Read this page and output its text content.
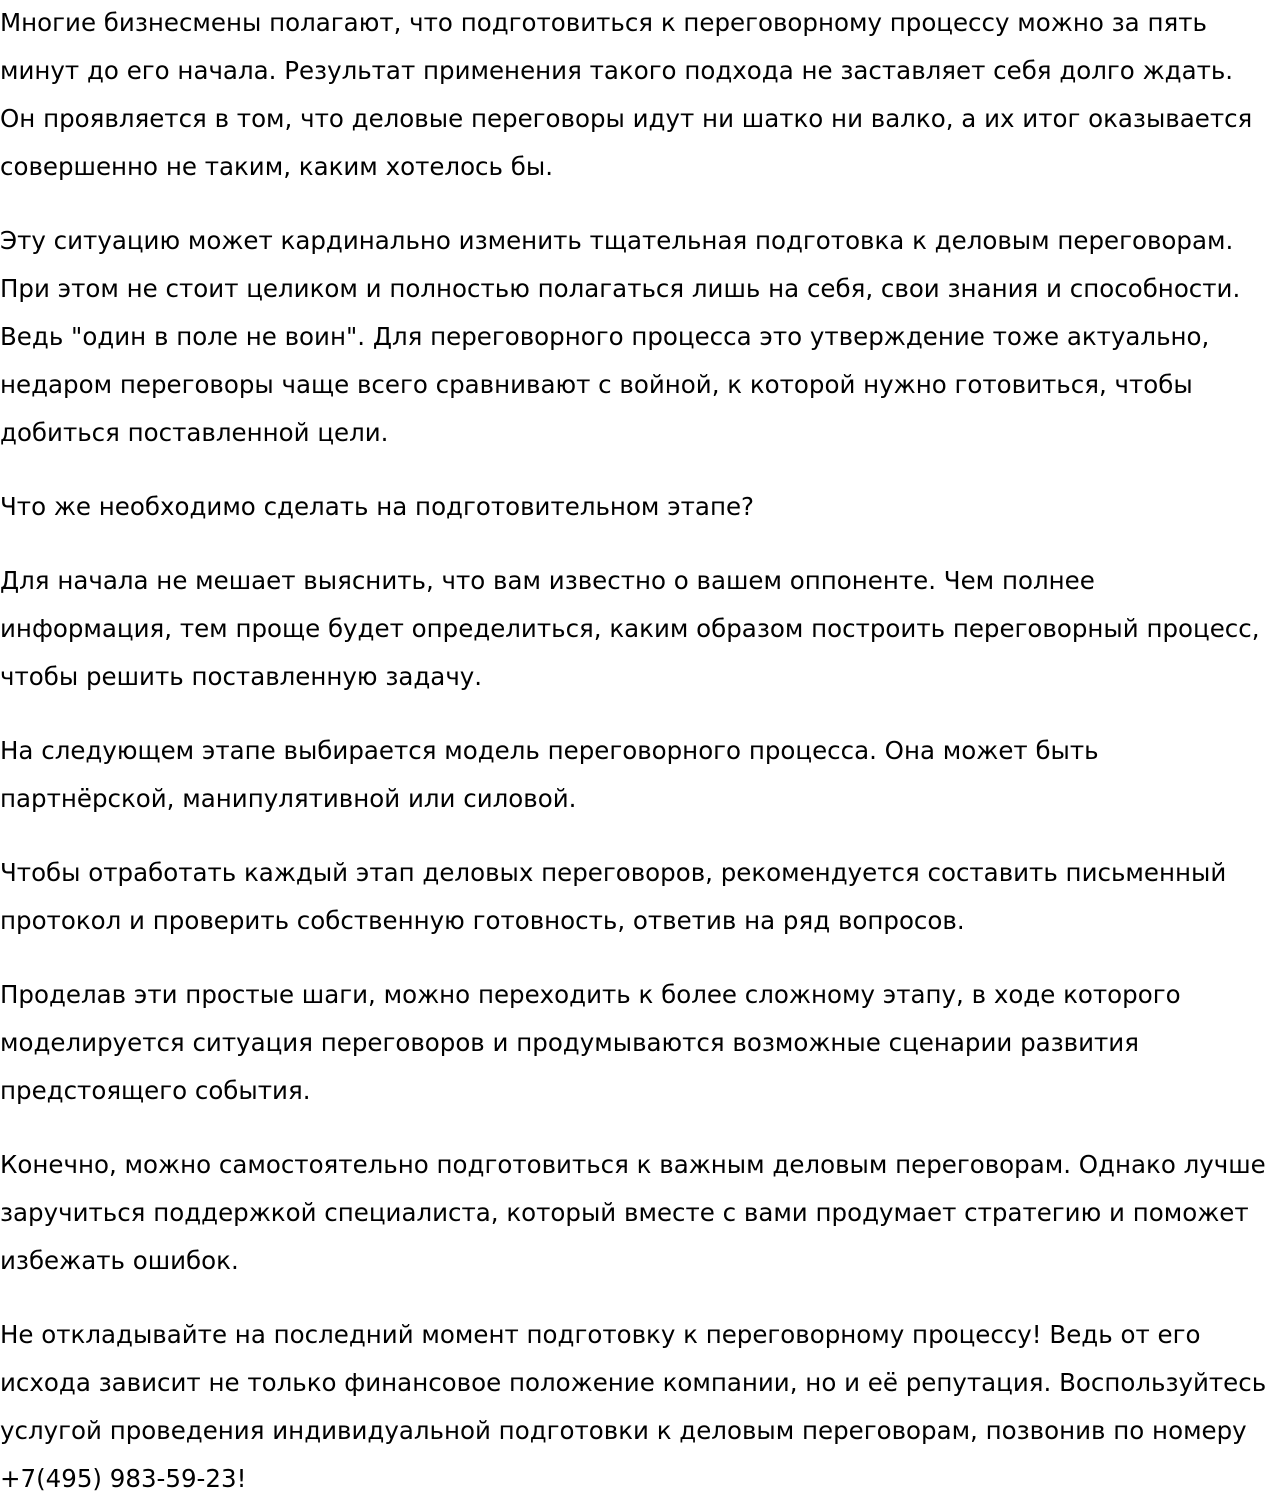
Многие бизнесмены полагают, что подготовиться к переговорному процессу можно за пять минут до его начала. Результат применения такого подхода не заставляет себя долго ждать. Он проявляется в том, что деловые переговоры идут ни шатко ни валко, а их итог оказывается совершенно не таким, каким хотелось бы.

Эту ситуацию может кардинально изменить тщательная подготовка к деловым переговорам. При этом не стоит целиком и полностью полагаться лишь на себя, свои знания и способности. Ведь "один в поле не воин". Для переговорного процесса это утверждение тоже актуально, недаром переговоры чаще всего сравнивают с войной, к которой нужно готовиться, чтобы добиться поставленной цели.

Что же необходимо сделать на подготовительном этапе?

Для начала не мешает выяснить, что вам известно о вашем оппоненте. Чем полнее информация, тем проще будет определиться, каким образом построить переговорный процесс, чтобы решить поставленную задачу.

На следующем этапе выбирается модель переговорного процесса. Она может быть партнёрской, манипулятивной или силовой.

Чтобы отработать каждый этап деловых переговоров, рекомендуется составить письменный протокол и проверить собственную готовность, ответив на ряд вопросов.

Проделав эти простые шаги, можно переходить к более сложному этапу, в ходе которого моделируется ситуация переговоров и продумываются возможные сценарии развития предстоящего события.

Конечно, можно самостоятельно подготовиться к важным деловым переговорам. Однако лучше заручиться поддержкой специалиста, который вместе с вами продумает стратегию и поможет избежать ошибок.

Не откладывайте на последний момент подготовку к переговорному процессу! Ведь от его исхода зависит не только финансовое положение компании, но и её репутация. Воспользуйтесь услугой проведения индивидуальной подготовки к деловым переговорам, позвонив по номеру +7(495) 983-59-23!
